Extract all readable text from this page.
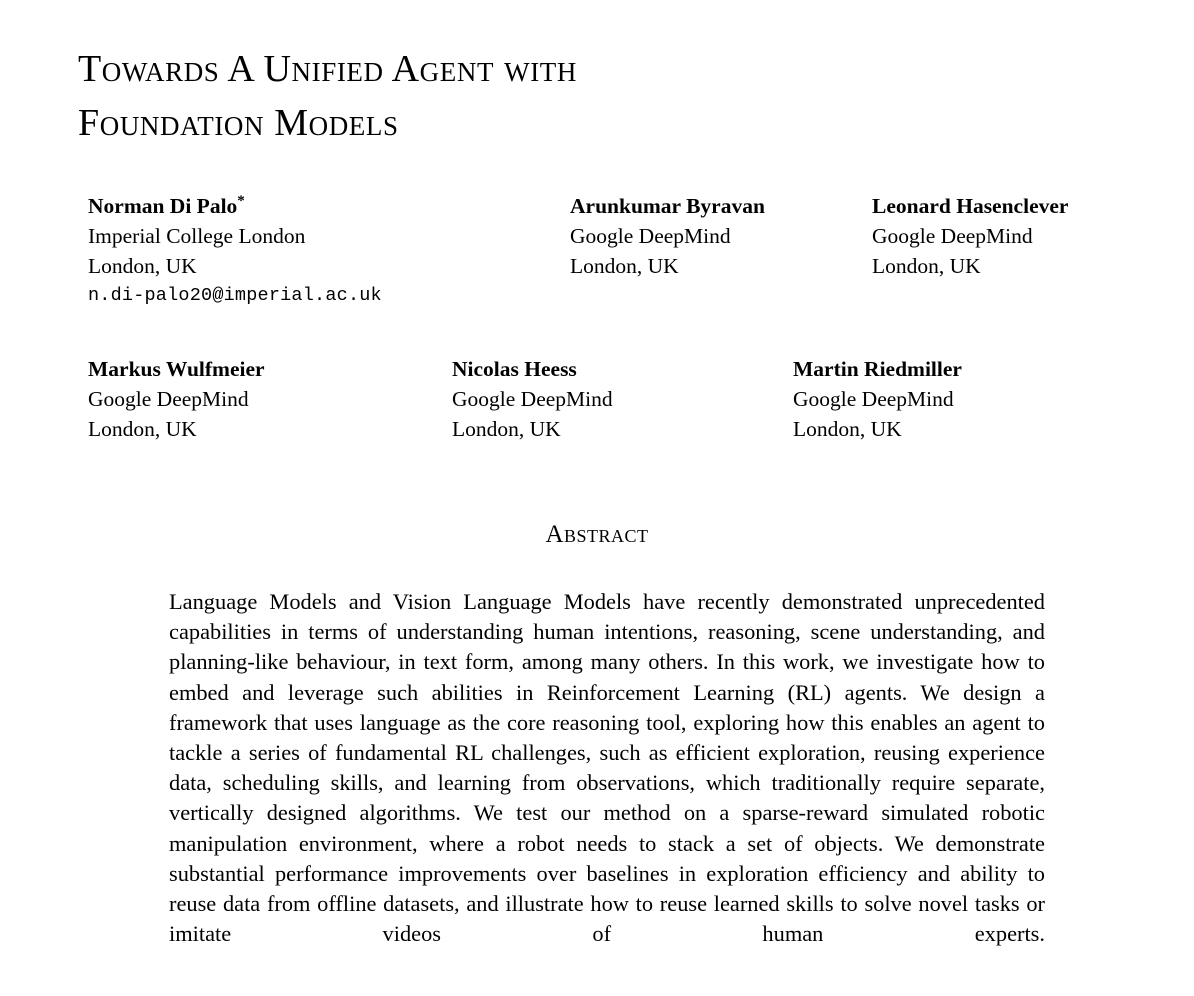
Towards A Unified Agent with
Foundation Models
Norman Di Palo*
Imperial College London
London, UK
n.di-palo20@imperial.ac.uk
Arunkumar Byravan
Google DeepMind
London, UK
Leonard Hasenclever
Google DeepMind
London, UK
Markus Wulfmeier
Google DeepMind
London, UK
Nicolas Heess
Google DeepMind
London, UK
Martin Riedmiller
Google DeepMind
London, UK
Abstract

Language Models and Vision Language Models have recently demonstrated unprecedented capabilities in terms of understanding human intentions, reasoning, scene understanding, and planning-like behaviour, in text form, among many others. In this work, we investigate how to embed and leverage such abilities in Reinforcement Learning (RL) agents. We design a framework that uses language as the core reasoning tool, exploring how this enables an agent to tackle a series of fundamental RL challenges, such as efficient exploration, reusing experience data, scheduling skills, and learning from observations, which traditionally require separate, vertically designed algorithms. We test our method on a sparse-reward simulated robotic manipulation environment, where a robot needs to stack a set of objects. We demonstrate substantial performance improvements over baselines in exploration efficiency and ability to reuse data from offline datasets, and illustrate how to reuse learned skills to solve novel tasks or imitate videos of human experts.
